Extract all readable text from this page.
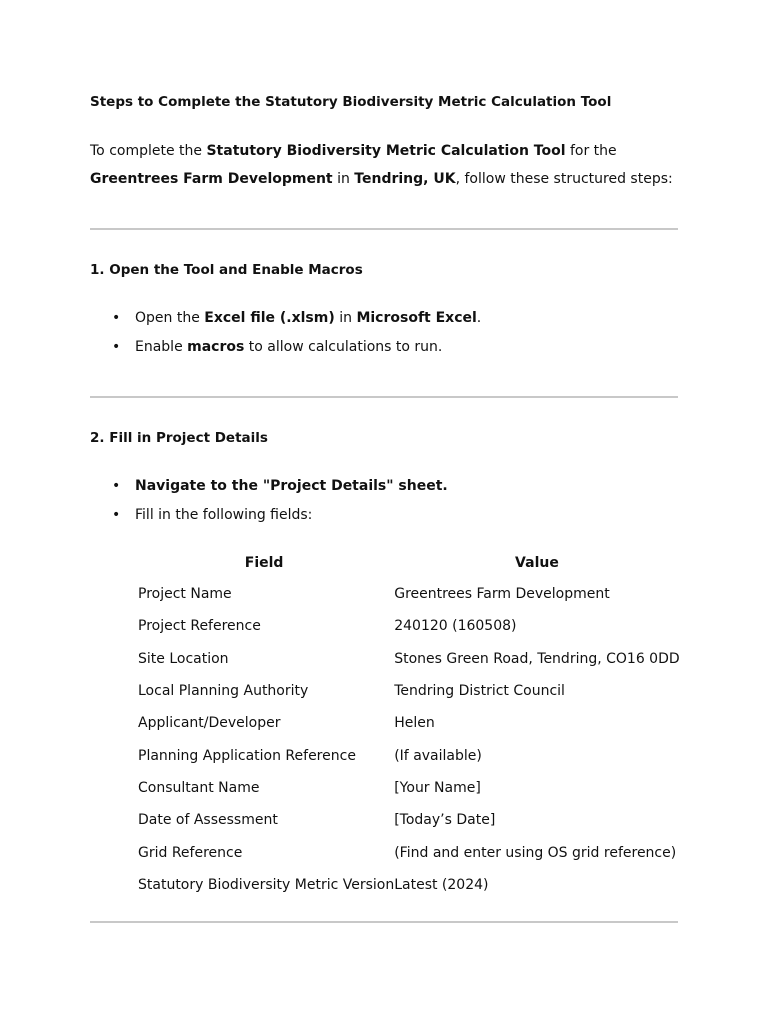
Steps to Complete the Statutory Biodiversity Metric Calculation Tool

To complete the Statutory Biodiversity Metric Calculation Tool for the Greentrees Farm Development in Tendring, UK, follow these structured steps:

1. Open the Tool and Enable Macros
• Open the Excel file (.xlsm) in Microsoft Excel.
• Enable macros to allow calculations to run.
2. Fill in Project Details
• Navigate to the "Project Details" sheet.
• Fill in the following fields:
Field	Value
Project Name	Greentrees Farm Development
Project Reference	240120 (160508)
Site Location	Stones Green Road, Tendring, CO16 0DD
Local Planning Authority	Tendring District Council
Applicant/Developer	Helen
Planning Application Reference	(If available)
Consultant Name	[Your Name]
Date of Assessment	[Today’s Date]
Grid Reference	(Find and enter using OS grid reference)
Statutory Biodiversity Metric Version	Latest (2024)
